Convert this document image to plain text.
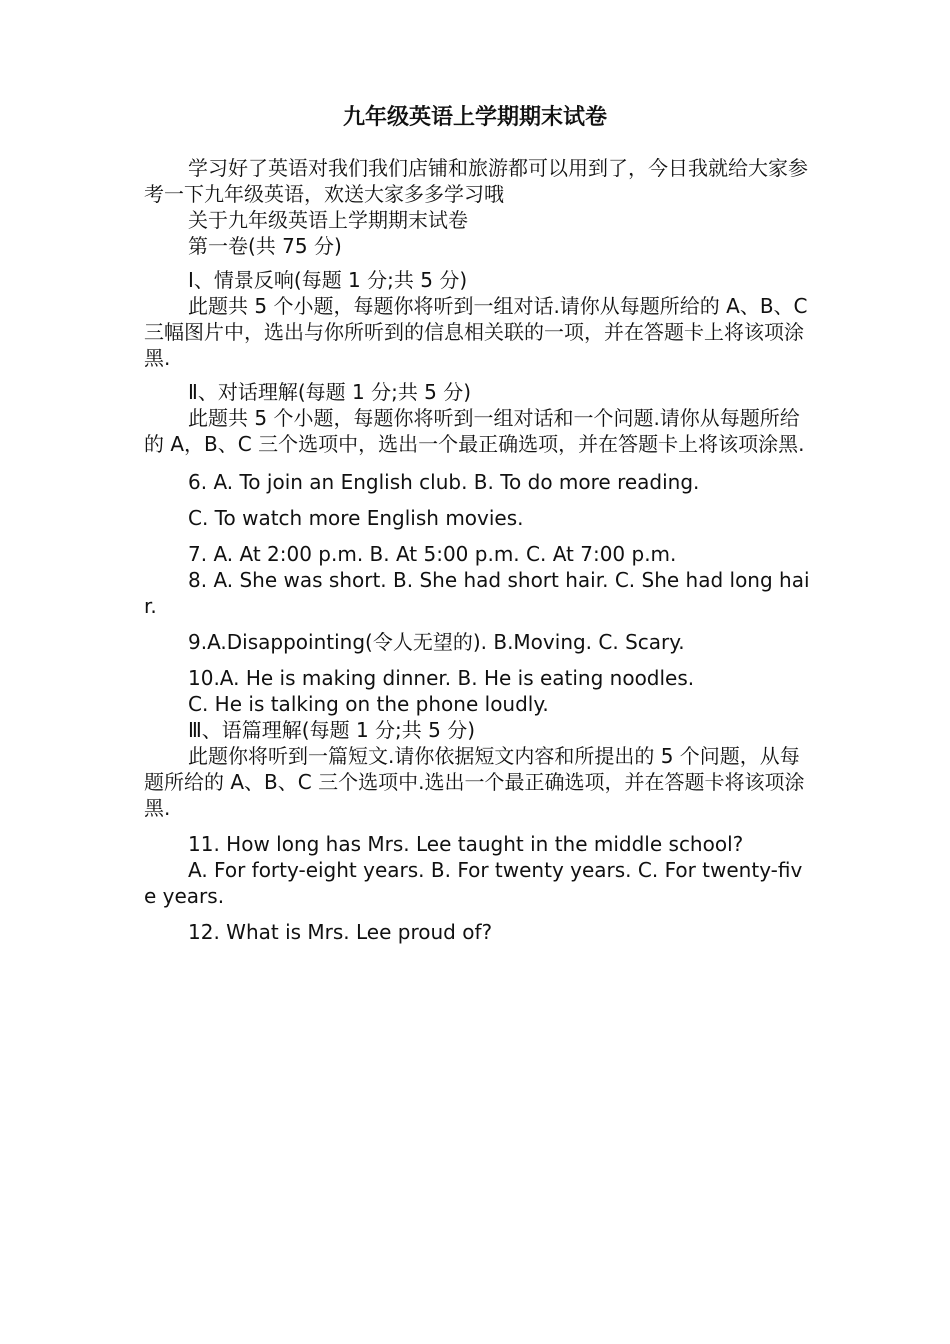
九年级英语上学期期末试卷

学习好了英语对我们我们店铺和旅游都可以用到了，今日我就给大家参考一下九年级英语，欢送大家多多学习哦

关于九年级英语上学期期末试卷

第一卷(共 75 分)

I、情景反响(每题 1 分;共 5 分)

此题共 5 个小题，每题你将听到一组对话.请你从每题所给的 A、B、C 三幅图片中，选出与你所听到的信息相关联的一项，并在答题卡上将该项涂黑.

Ⅱ、对话理解(每题 1 分;共 5 分)

此题共 5 个小题，每题你将听到一组对话和一个问题.请你从每题所给的 A，B、C 三个选项中，选出一个最正确选项，并在答题卡上将该项涂黑.

6. A. To join an English club. B. To do more reading.

C. To watch more English movies.

7. A. At 2:00 p.m. B. At 5:00 p.m. C. At 7:00 p.m.

8. A. She was short. B. She had short hair. C. She had long hair.

9.A.Disappointing(令人无望的). B.Moving. C. Scary.

10.A. He is making dinner. B. He is eating noodles.

C. He is talking on the phone loudly.

Ⅲ、语篇理解(每题 1 分;共 5 分)

此题你将听到一篇短文.请你依据短文内容和所提出的 5 个问题，从每题所给的 A、B、C 三个选项中.选出一个最正确选项，并在答题卡将该项涂黑.

11. How long has Mrs. Lee taught in the middle school?

A. For forty-eight years. B. For twenty years. C. For twenty-five years.

12. What is Mrs. Lee proud of?
